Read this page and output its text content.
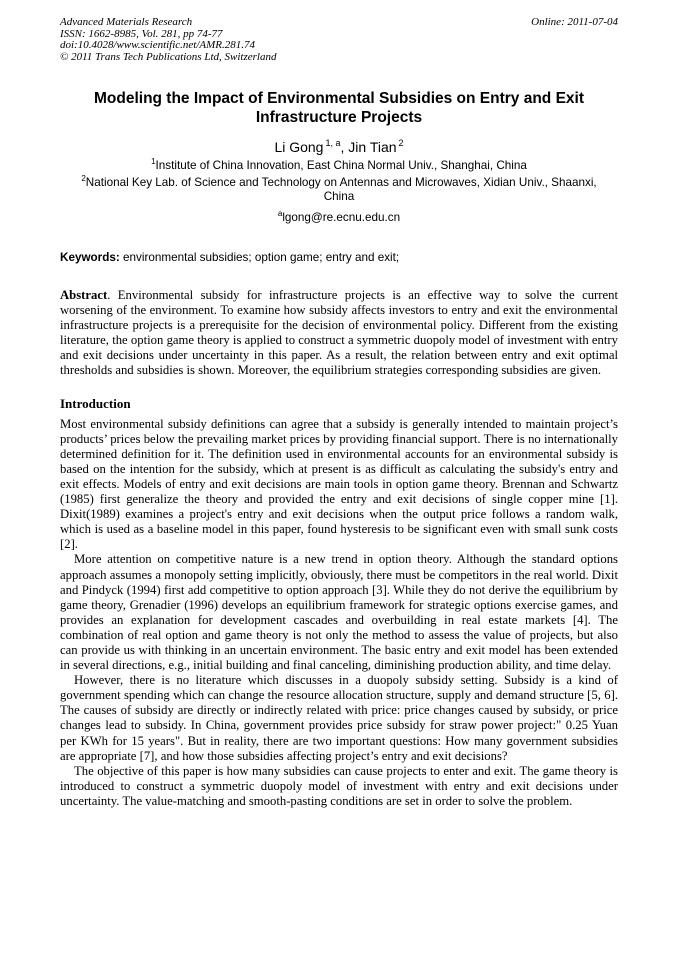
Advanced Materials Research
ISSN: 1662-8985, Vol. 281, pp 74-77
doi:10.4028/www.scientific.net/AMR.281.74
© 2011 Trans Tech Publications Ltd, Switzerland
Online: 2011-07-04
Modeling the Impact of Environmental Subsidies on Entry and Exit Infrastructure Projects
Li Gong $^{1, a}$, Jin Tian $^2$
$^1$Institute of China Innovation, East China Normal Univ., Shanghai, China
$^2$National Key Lab. of Science and Technology on Antennas and Microwaves, Xidian Univ., Shaanxi, China
$^a$lgong@re.ecnu.edu.cn
Keywords: environmental subsidies; option game; entry and exit;
Abstract. Environmental subsidy for infrastructure projects is an effective way to solve the current worsening of the environment. To examine how subsidy affects investors to entry and exit the environmental infrastructure projects is a prerequisite for the decision of environmental policy. Different from the existing literature, the option game theory is applied to construct a symmetric duopoly model of investment with entry and exit decisions under uncertainty in this paper. As a result, the relation between entry and exit optimal thresholds and subsidies is shown. Moreover, the equilibrium strategies corresponding subsidies are given.
Introduction
Most environmental subsidy definitions can agree that a subsidy is generally intended to maintain project’s products’ prices below the prevailing market prices by providing financial support. There is no internationally determined definition for it. The definition used in environmental accounts for an environmental subsidy is based on the intention for the subsidy, which at present is as difficult as calculating the subsidy's entry and exit effects. Models of entry and exit decisions are main tools in option game theory. Brennan and Schwartz (1985) first generalize the theory and provided the entry and exit decisions of single copper mine [1]. Dixit(1989) examines a project's entry and exit decisions when the output price follows a random walk, which is used as a baseline model in this paper, found hysteresis to be significant even with small sunk costs [2].
More attention on competitive nature is a new trend in option theory. Although the standard options approach assumes a monopoly setting implicitly, obviously, there must be competitors in the real world. Dixit and Pindyck (1994) first add competitive to option approach [3]. While they do not derive the equilibrium by game theory, Grenadier (1996) develops an equilibrium framework for strategic options exercise games, and provides an explanation for development cascades and overbuilding in real estate markets [4]. The combination of real option and game theory is not only the method to assess the value of projects, but also can provide us with thinking in an uncertain environment. The basic entry and exit model has been extended in several directions, e.g., initial building and final canceling, diminishing production ability, and time delay.
However, there is no literature which discusses in a duopoly subsidy setting. Subsidy is a kind of government spending which can change the resource allocation structure, supply and demand structure [5, 6]. The causes of subsidy are directly or indirectly related with price: price changes caused by subsidy, or price changes lead to subsidy. In China, government provides price subsidy for straw power project:" 0.25 Yuan per KWh for 15 years". But in reality, there are two important questions: How many government subsidies are appropriate [7], and how those subsidies affecting project’s entry and exit decisions?
The objective of this paper is how many subsidies can cause projects to enter and exit. The game theory is introduced to construct a symmetric duopoly model of investment with entry and exit decisions under uncertainty. The value-matching and smooth-pasting conditions are set in order to solve the problem.
